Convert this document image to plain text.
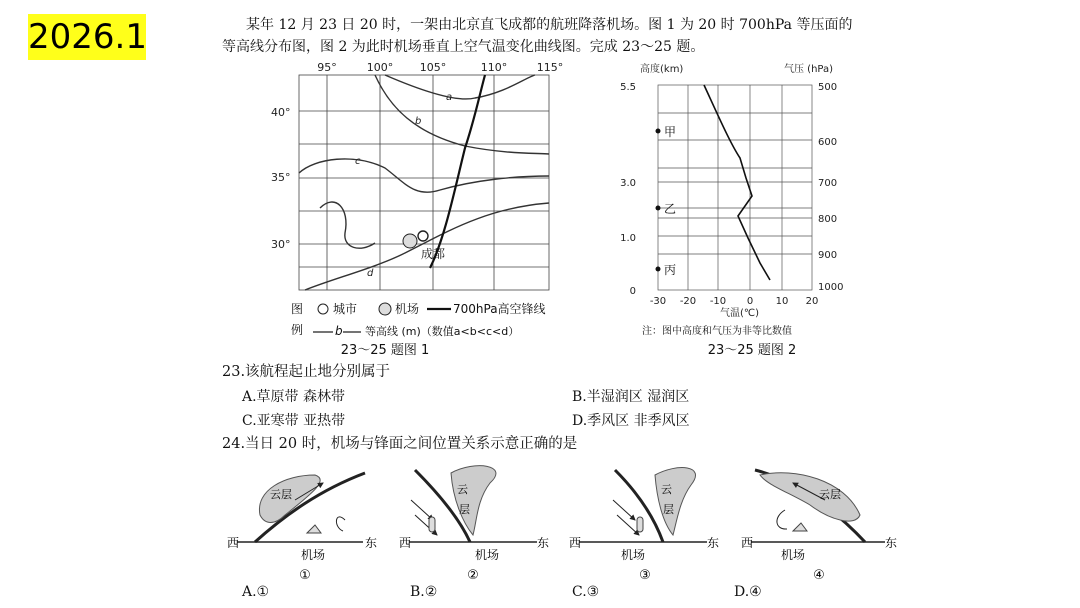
2026.1	某年 12 月 23 日 20 时，一架由北京直飞成都的航班降落机场。图 1 为 20 时 700hPa 等压面的
等高线分布图，图 2 为此时机场垂直上空气温变化曲线图。完成 23～25 题。
95°	100° 105°	110°	115°
40°
35°
30°
a
b
c
d
成都
图
例
城市	机场	700hPa高空锋线
b 等高线 (m)（数值a<b<c<d）
23～25 题图 1
高度(km)	气压 (hPa)
5.5
3.0
1.0
0
500
600
700
800
900
1000
-30 -20 -10 0 10 20
气温(℃)
甲
乙
丙
注：图中高度和气压为非等比数值
23～25 题图 2
23.该航程起止地分别属于
A.草原带 森林带	B.半湿润区 湿润区
C.亚寒带 亚热带	D.季风区 非季风区
24.当日 20 时，机场与锋面之间位置关系示意正确的是
西	东
云层
机场
①
西	东
云
层
机场
②
西	东
云
层
机场
③
西	东
云层
机场
④
A.①	B.②	C.③	D.④
